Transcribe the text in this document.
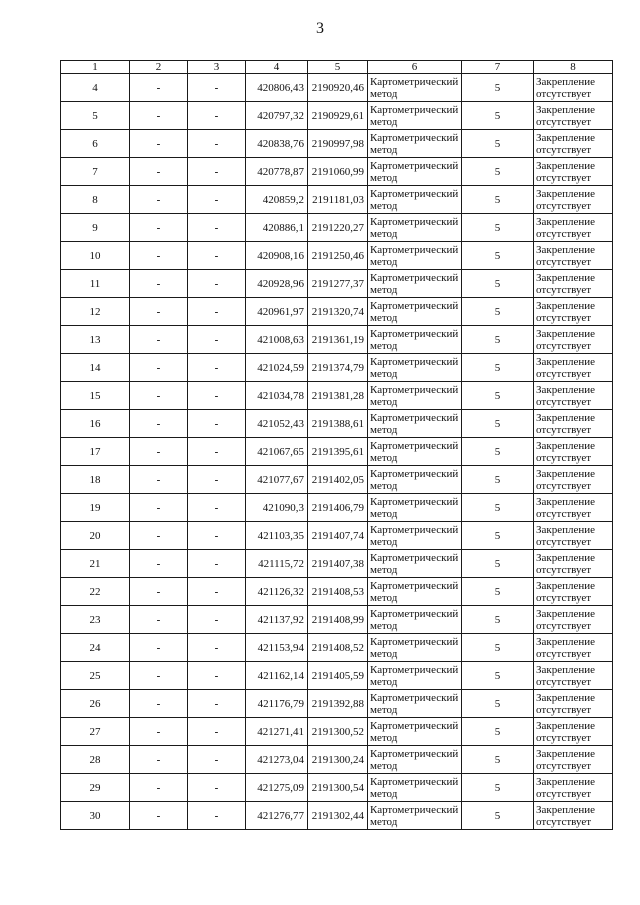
3
1	2	3	4	5	6	7	8
4	-	-	420806,43	2190920,46	Картометрический метод	5	Закрепление отсутствует
5	-	-	420797,32	2190929,61	Картометрический метод	5	Закрепление отсутствует
6	-	-	420838,76	2190997,98	Картометрический метод	5	Закрепление отсутствует
7	-	-	420778,87	2191060,99	Картометрический метод	5	Закрепление отсутствует
8	-	-	420859,2	2191181,03	Картометрический метод	5	Закрепление отсутствует
9	-	-	420886,1	2191220,27	Картометрический метод	5	Закрепление отсутствует
10	-	-	420908,16	2191250,46	Картометрический метод	5	Закрепление отсутствует
11	-	-	420928,96	2191277,37	Картометрический метод	5	Закрепление отсутствует
12	-	-	420961,97	2191320,74	Картометрический метод	5	Закрепление отсутствует
13	-	-	421008,63	2191361,19	Картометрический метод	5	Закрепление отсутствует
14	-	-	421024,59	2191374,79	Картометрический метод	5	Закрепление отсутствует
15	-	-	421034,78	2191381,28	Картометрический метод	5	Закрепление отсутствует
16	-	-	421052,43	2191388,61	Картометрический метод	5	Закрепление отсутствует
17	-	-	421067,65	2191395,61	Картометрический метод	5	Закрепление отсутствует
18	-	-	421077,67	2191402,05	Картометрический метод	5	Закрепление отсутствует
19	-	-	421090,3	2191406,79	Картометрический метод	5	Закрепление отсутствует
20	-	-	421103,35	2191407,74	Картометрический метод	5	Закрепление отсутствует
21	-	-	421115,72	2191407,38	Картометрический метод	5	Закрепление отсутствует
22	-	-	421126,32	2191408,53	Картометрический метод	5	Закрепление отсутствует
23	-	-	421137,92	2191408,99	Картометрический метод	5	Закрепление отсутствует
24	-	-	421153,94	2191408,52	Картометрический метод	5	Закрепление отсутствует
25	-	-	421162,14	2191405,59	Картометрический метод	5	Закрепление отсутствует
26	-	-	421176,79	2191392,88	Картометрический метод	5	Закрепление отсутствует
27	-	-	421271,41	2191300,52	Картометрический метод	5	Закрепление отсутствует
28	-	-	421273,04	2191300,24	Картометрический метод	5	Закрепление отсутствует
29	-	-	421275,09	2191300,54	Картометрический метод	5	Закрепление отсутствует
30	-	-	421276,77	2191302,44	Картометрический метод	5	Закрепление отсутствует
